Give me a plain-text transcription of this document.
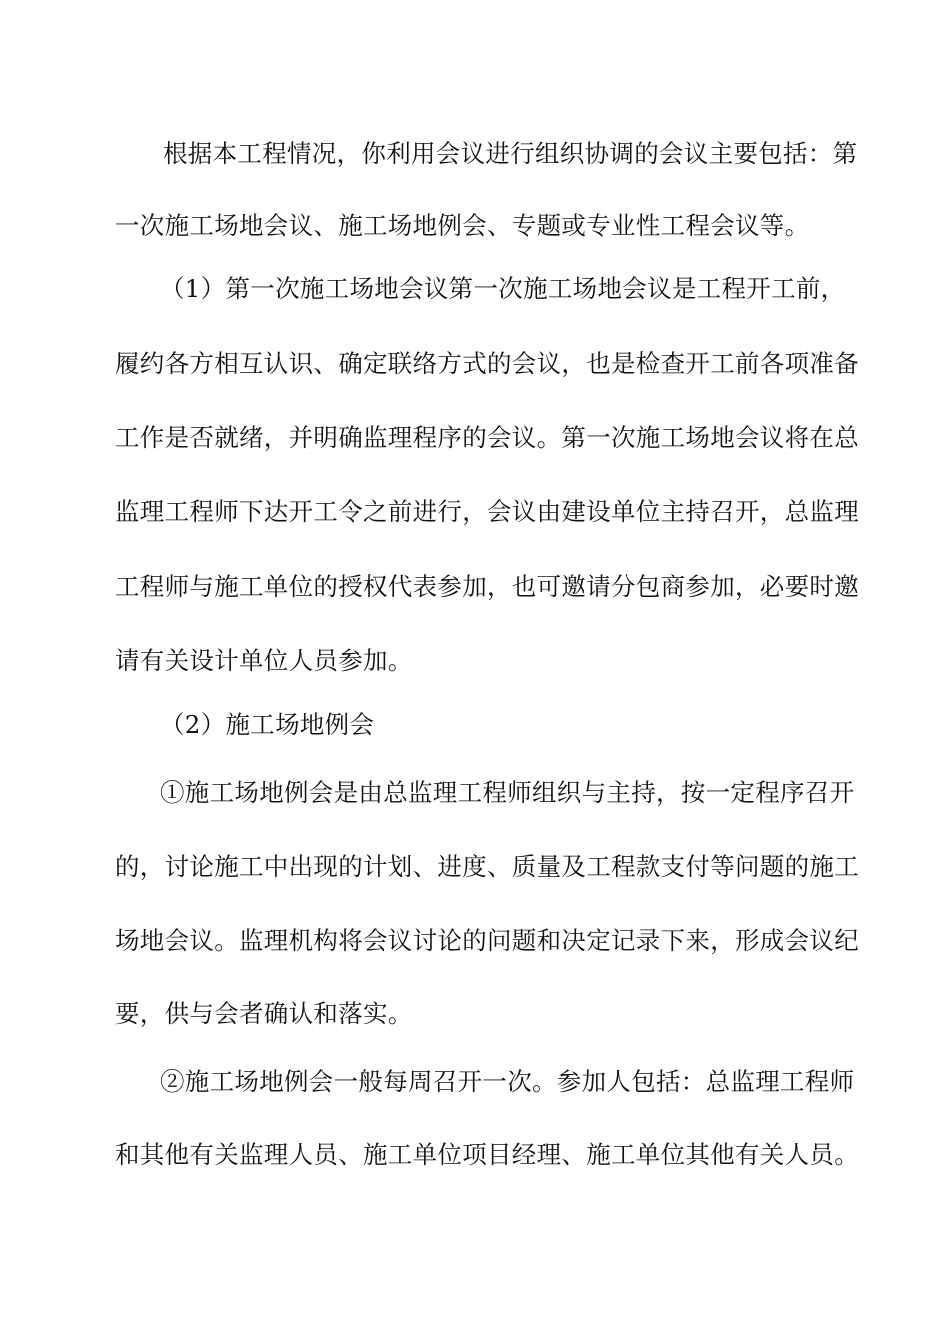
根据本工程情况，你利用会议进行组织协调的会议主要包括：第
一次施工场地会议、施工场地例会、专题或专业性工程会议等。
（1）第一次施工场地会议第一次施工场地会议是工程开工前，
履约各方相互认识、确定联络方式的会议，也是检查开工前各项准备
工作是否就绪，并明确监理程序的会议。第一次施工场地会议将在总
监理工程师下达开工令之前进行，会议由建设单位主持召开，总监理
工程师与施工单位的授权代表参加，也可邀请分包商参加，必要时邀
请有关设计单位人员参加。
（2）施工场地例会
①施工场地例会是由总监理工程师组织与主持，按一定程序召开
的，讨论施工中出现的计划、进度、质量及工程款支付等问题的施工
场地会议。监理机构将会议讨论的问题和决定记录下来，形成会议纪
要，供与会者确认和落实。
②施工场地例会一般每周召开一次。参加人包括：总监理工程师
和其他有关监理人员、施工单位项目经理、施工单位其他有关人员。
